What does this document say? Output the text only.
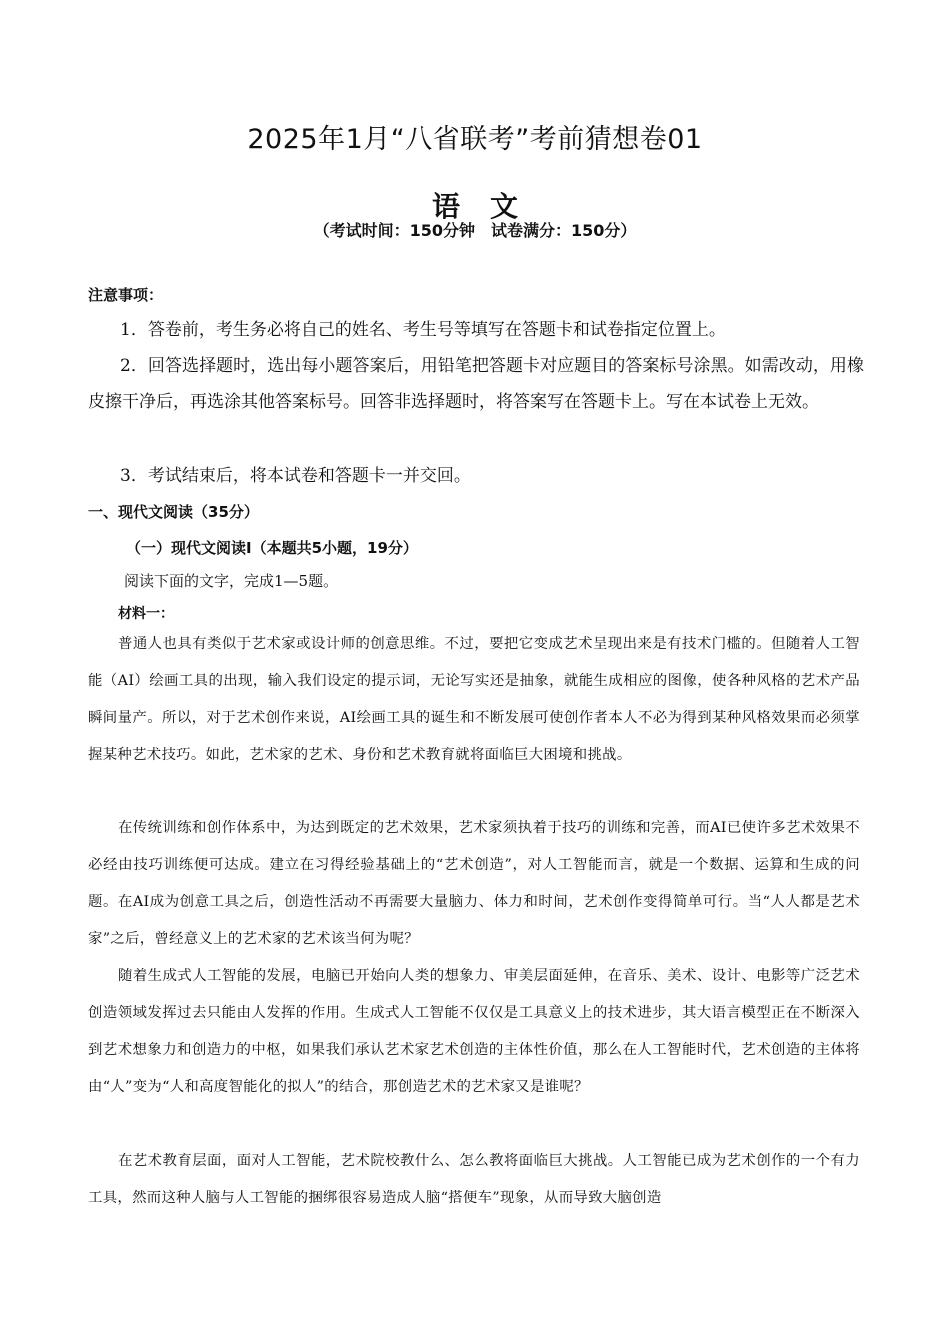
2025年1月“八省联考”考前猜想卷01
语文
（考试时间：150分钟　试卷满分：150分）
注意事项：

1．答卷前，考生务必将自己的姓名、考生号等填写在答题卡和试卷指定位置上。

2．回答选择题时，选出每小题答案后，用铅笔把答题卡对应题目的答案标号涂黑。如需改动，用橡皮擦干净后，再选涂其他答案标号。回答非选择题时，将答案写在答题卡上。写在本试卷上无效。

3．考试结束后，将本试卷和答题卡一并交回。

一、现代文阅读（35分）
（一）现代文阅读Ⅰ（本题共5小题，19分）
阅读下面的文字，完成1—5题。
材料一：

普通人也具有类似于艺术家或设计师的创意思维。不过，要把它变成艺术呈现出来是有技术门槛的。但随着人工智能（AI）绘画工具的出现，输入我们设定的提示词，无论写实还是抽象，就能生成相应的图像，使各种风格的艺术产品瞬间量产。所以，对于艺术创作来说，AI绘画工具的诞生和不断发展可使创作者本人不必为得到某种风格效果而必须掌握某种艺术技巧。如此，艺术家的艺术、身份和艺术教育就将面临巨大困境和挑战。

在传统训练和创作体系中，为达到既定的艺术效果，艺术家须执着于技巧的训练和完善，而AI已使许多艺术效果不必经由技巧训练便可达成。建立在习得经验基础上的“艺术创造”，对人工智能而言，就是一个数据、运算和生成的问题。在AI成为创意工具之后，创造性活动不再需要大量脑力、体力和时间，艺术创作变得简单可行。当“人人都是艺术家”之后，曾经意义上的艺术家的艺术该当何为呢？

随着生成式人工智能的发展，电脑已开始向人类的想象力、审美层面延伸，在音乐、美术、设计、电影等广泛艺术创造领域发挥过去只能由人发挥的作用。生成式人工智能不仅仅是工具意义上的技术进步，其大语言模型正在不断深入到艺术想象力和创造力的中枢，如果我们承认艺术家艺术创造的主体性价值，那么在人工智能时代，艺术创造的主体将由“人”变为“人和高度智能化的拟人”的结合，那创造艺术的艺术家又是谁呢？

在艺术教育层面，面对人工智能，艺术院校教什么、怎么教将面临巨大挑战。人工智能已成为艺术创作的一个有力工具，然而这种人脑与人工智能的捆绑很容易造成人脑“搭便车”现象，从而导致大脑创造
